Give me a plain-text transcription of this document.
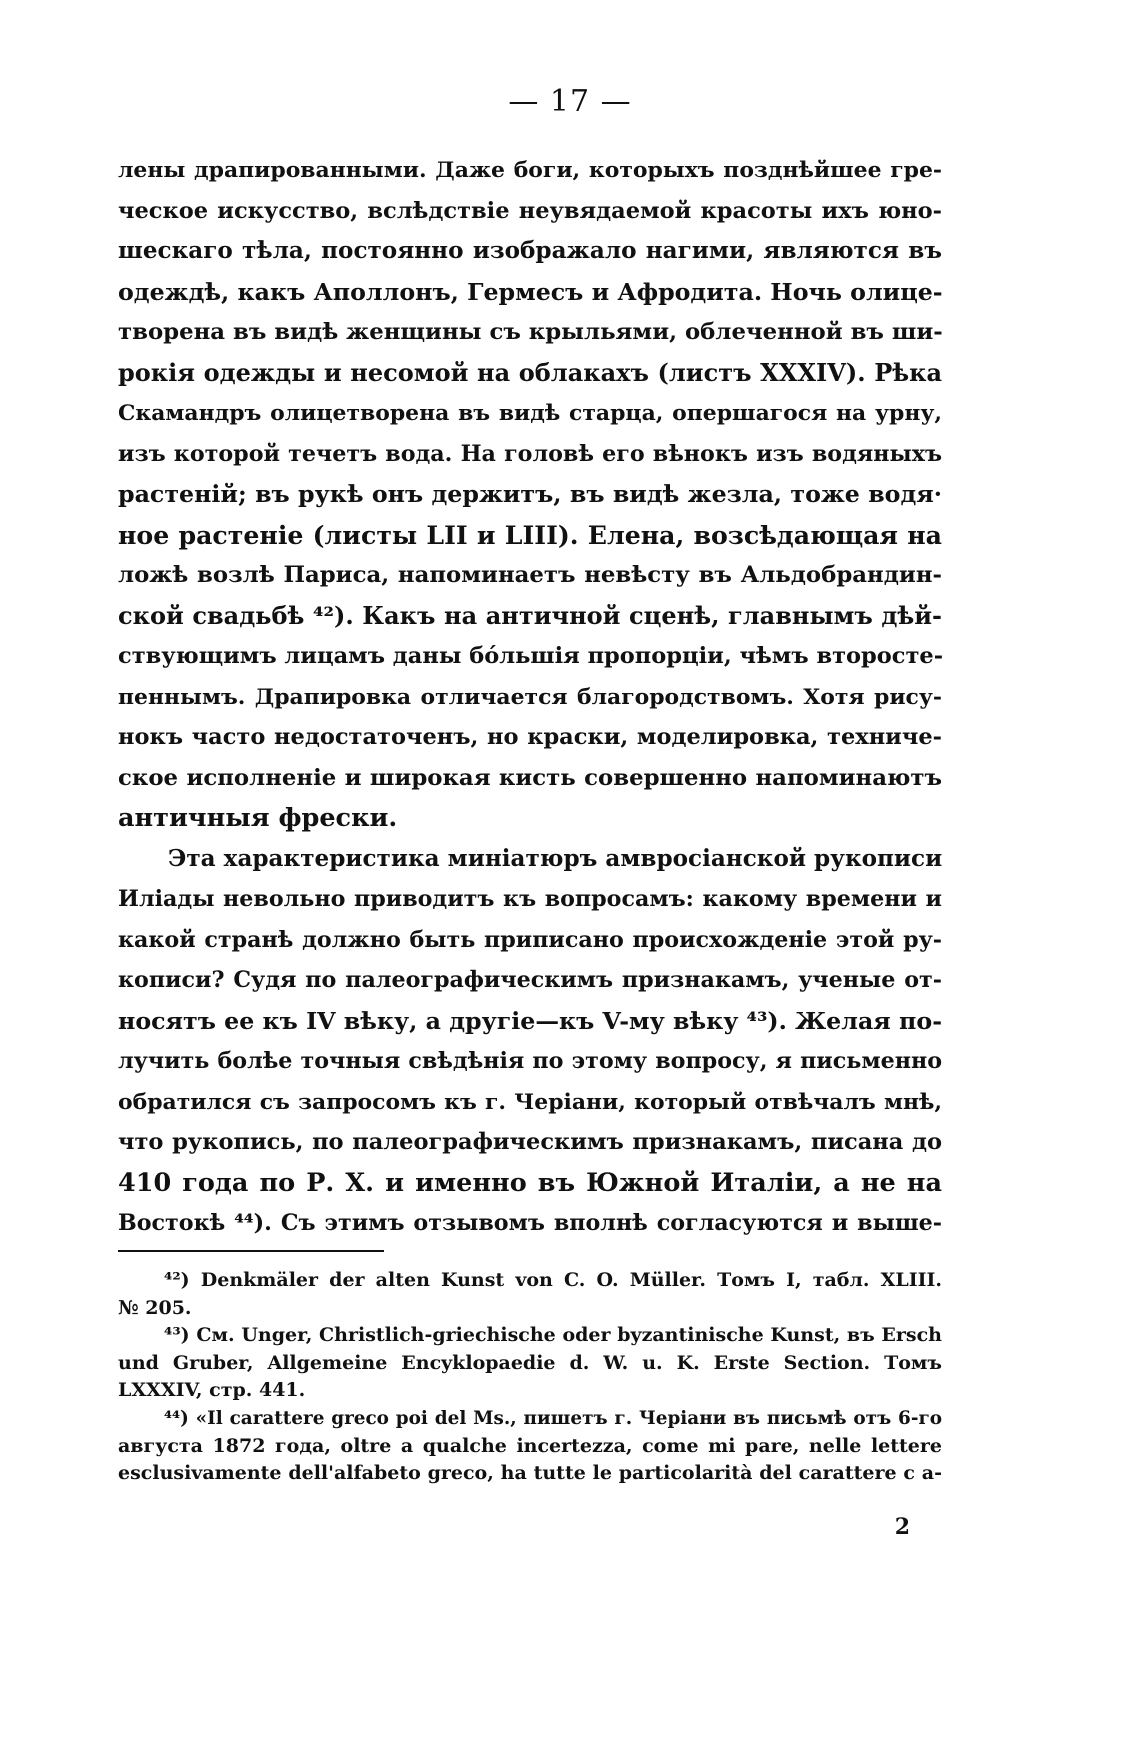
— 17 —
лены драпированными. Даже боги, которыхъ позднѣйшее гре-
ческое искусство, вслѣдствіе неувядаемой красоты ихъ юно-
шескаго тѣла, постоянно изображало нагими, являются въ
одеждѣ, какъ Аполлонъ, Гермесъ и Афродита. Ночь олице-
творена въ видѣ женщины съ крыльями, облеченной въ ши-
рокія одежды и несомой на облакахъ (листъ XXXIV). Рѣка
Скамандръ олицетворена въ видѣ старца, опершагося на урну,
изъ которой течетъ вода. На головѣ его вѣнокъ изъ водяныхъ
растеній; въ рукѣ онъ держитъ, въ видѣ жезла, тоже водя·
ное растеніе (листы LII и LIII). Елена, возсѣдающая на
ложѣ возлѣ Париса, напоминаетъ невѣсту въ Альдобрандин-
ской свадьбѣ ⁴²). Какъ на античной сценѣ, главнымъ дѣй-
ствующимъ лицамъ даны бóльшія пропорціи, чѣмъ второсте-
пеннымъ. Драпировка отличается благородствомъ. Хотя рису-
нокъ часто недостаточенъ, но краски, моделировка, техниче-
ское исполненіе и широкая кисть совершенно напоминаютъ
античныя фрески.
Эта характеристика миніатюръ амвросіанской рукописи
Иліады невольно приводитъ къ вопросамъ: какому времени и
какой странѣ должно быть приписано происхожденіе этой ру-
кописи? Судя по палеографическимъ признакамъ, ученые от-
носятъ ее къ IV вѣку, а другіе—къ V-му вѣку ⁴³). Желая по-
лучить болѣе точныя свѣдѣнія по этому вопросу, я письменно
обратился съ запросомъ къ г. Чеpiани, который отвѣчалъ мнѣ,
что рукопись, по палеографическимъ признакамъ, писана до
410 года по Р. Х. и именно въ Южной Италіи, а не на
Востокѣ ⁴⁴). Съ этимъ отзывомъ вполнѣ согласуются и выше-
⁴²) Denkmäler der alten Kunst von C. O. Müller. Томъ I, табл. XLIII.
№ 205.
⁴³) См. Unger, Christlich-griechische oder byzantinische Kunst, въ Ersch
und Gruber, Allgemeine Encyklopaedie d. W. u. K. Erste Section. Томъ
LXXXIV, стр. 441.
⁴⁴) «Il carattere greco poi del Ms., пишетъ г. Черіани въ письмѣ отъ 6-го
августа 1872 года, oltre a qualche incertezza, come mi pare, nelle lettere
esclusivamente dell'alfabeto greco, ha tutte le particolarità del carattere c a-
2
